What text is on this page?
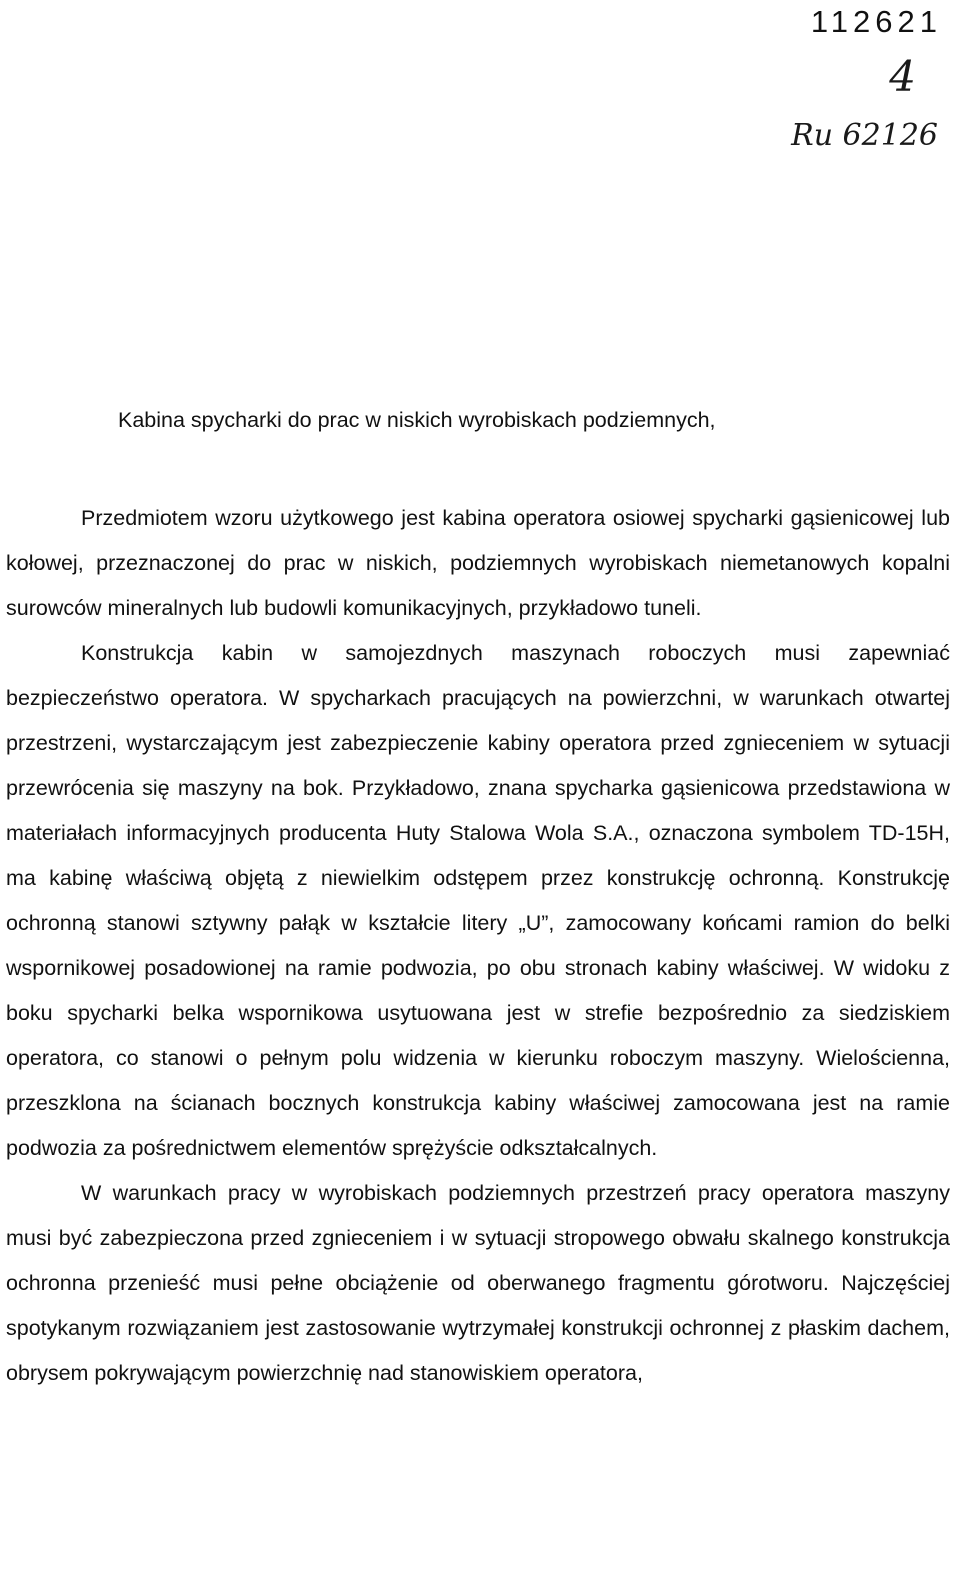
112621
4
Ru 62126
Kabina spycharki do prac w niskich wyrobiskach podziemnych,

Przedmiotem wzoru użytkowego jest kabina operatora osiowej spycharki gąsienicowej lub kołowej, przeznaczonej do prac w niskich, podziemnych wyrobiskach niemetanowych kopalni surowców mineralnych lub budowli komunikacyjnych, przykładowo tuneli.

Konstrukcja kabin w samojezdnych maszynach roboczych musi zapewniać bezpieczeństwo operatora. W spycharkach pracujących na powierzchni, w warunkach otwartej przestrzeni, wystarczającym jest zabezpieczenie kabiny operatora przed zgnieceniem w sytuacji przewrócenia się maszyny na bok. Przykładowo, znana spycharka gąsienicowa przedstawiona w materiałach informacyjnych producenta Huty Stalowa Wola S.A., oznaczona symbolem TD-15H, ma kabinę właściwą objętą z niewielkim odstępem przez konstrukcję ochronną. Konstrukcję ochronną stanowi sztywny pałąk w kształcie litery „U”, zamocowany końcami ramion do belki wspornikowej posadowionej na ramie podwozia, po obu stronach kabiny właściwej. W widoku z boku spycharki belka wspornikowa usytuowana jest w strefie bezpośrednio za siedziskiem operatora, co stanowi o pełnym polu widzenia w kierunku roboczym maszyny. Wielościenna, przeszklona na ścianach bocznych konstrukcja kabiny właściwej zamocowana jest na ramie podwozia za pośrednictwem elementów sprężyście odkształcalnych.

W warunkach pracy w wyrobiskach podziemnych przestrzeń pracy operatora maszyny musi być zabezpieczona przed zgnieceniem i w sytuacji stropowego obwału skalnego konstrukcja ochronna przenieść musi pełne obciążenie od oberwanego fragmentu górotworu. Najczęściej spotykanym rozwiązaniem jest zastosowanie wytrzymałej konstrukcji ochronnej z płaskim dachem, obrysem pokrywającym powierzchnię nad stanowiskiem operatora,
